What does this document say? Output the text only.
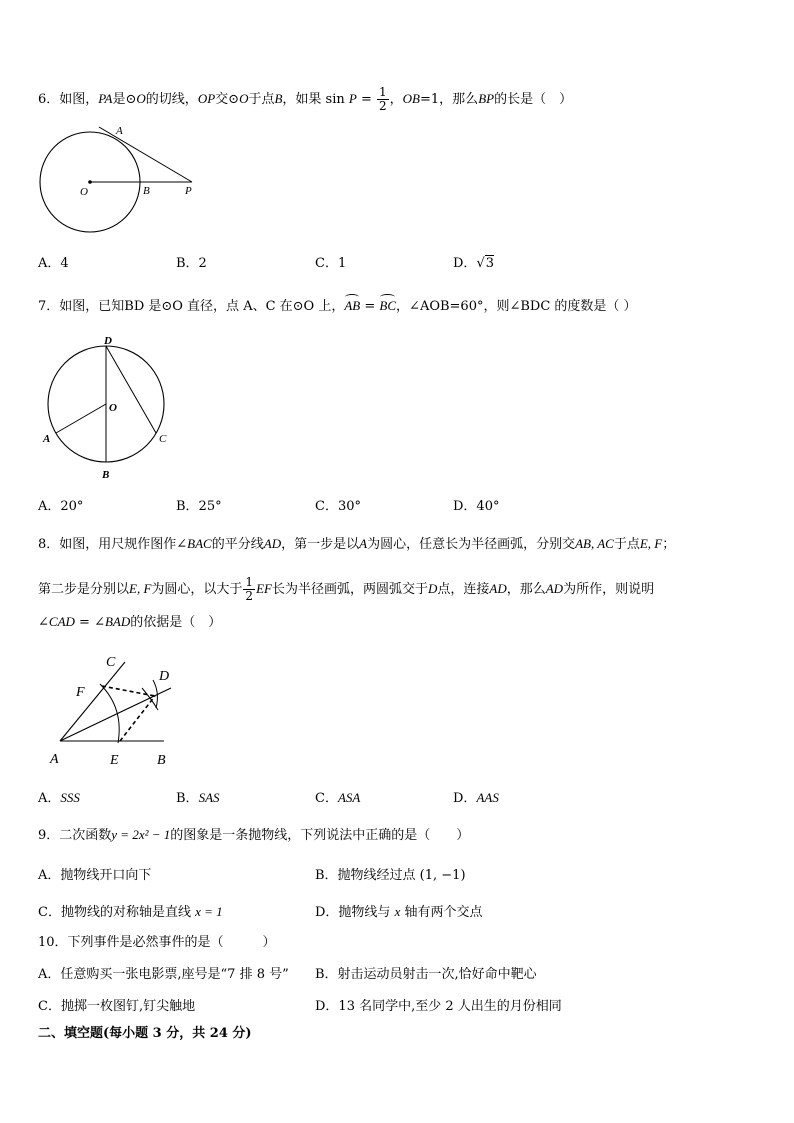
6．如图，PA是⊙O的切线，OP交⊙O于点B，如果 $\sin P = \frac{1}{2}$ ，OB=1，那么BP的长是（　）
A
O	B	P
A．4	B．2	C．1	D．√3
7．如图，已知BD 是⊙O 直径，点 A、C 在⊙O 上，AB = BC，∠AOB=60°，则∠BDC 的度数是（ ）
D
O
A	C
B
A．20°	B．25°	C．30°	D．40°
8．如图，用尺规作图作∠BAC的平分线AD，第一步是以A为圆心，任意长为半径画弧，分别交AB, AC于点E, F；
第二步是分别以E, F为圆心，以大于 $\frac{1}{2}$ EF长为半径画弧，两圆弧交于D点，连接AD，那么AD为所作，则说明
∠CAD = ∠BAD的依据是（　）
C
D
F
A	E	B
A．SSS	B．SAS	C．ASA	D．AAS
9．二次函数y = 2x² − 1的图象是一条抛物线，下列说法中正确的是（　　）
A．抛物线开口向下	B．抛物线经过点 (1, −1)
C．抛物线的对称轴是直线 x = 1	D．抛物线与 x 轴有两个交点
10．下列事件是必然事件的是（　　　）
A．任意购买一张电影票,座号是“7 排 8 号” B．射击运动员射击一次,恰好命中靶心
C．抛掷一枚图钉,钉尖触地	D．13 名同学中,至少 2 人出生的月份相同
二、填空题(每小题 3 分，共 24 分)
